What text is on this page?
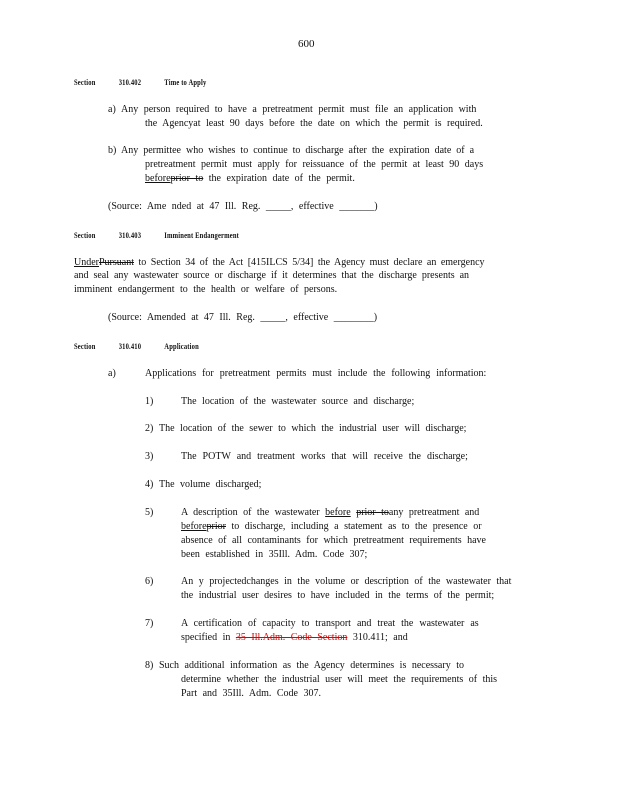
600
Section	310.402	Time to Apply
a) Any person required to have a pretreatment permit must file an application with
the Agencyat least 90 days before the date on which the permit is required.
b) Any permittee who wishes to continue to discharge after the expiration date of a
pretreatment permit must apply for reissuance of the permit at least 90 days
beforeprior to the expiration date of the permit.
(Source: Ame nded at 47 Ill. Reg. _____, effective _______)
Section	310.403	Imminent Endangerment
UnderPursuant to Section 34 of the Act [415ILCS 5/34] the Agency must declare an emergency
and seal any wastewater source or discharge if it determines that the discharge presents an
imminent endangerment to the health or welfare of persons.
(Source: Amended at 47 Ill. Reg. _____, effective ________)
Section	310.410	Application
a)	Applications for pretreatment permits must include the following information:
1)	The location of the wastewater source and discharge;
2) The location of the sewer to which the industrial user will discharge;
3)	The POTW and treatment works that will receive the discharge;
4) The volume discharged;
5)	A description of the wastewater before prior toany pretreatment and
beforeprior to discharge, including a statement as to the presence or
absence of all contaminants for which pretreatment requirements have
been established in 35Ill. Adm. Code 307;
6)	An y projectedchanges in the volume or description of the wastewater that
the industrial user desires to have included in the terms of the permit;
7)	A certification of capacity to transport and treat the wastewater as
specified in 35 Ill.Adm. Code Section 310.411; and
8) Such additional information as the Agency determines is necessary to
determine whether the industrial user will meet the requirements of this
Part and 35Ill. Adm. Code 307.
